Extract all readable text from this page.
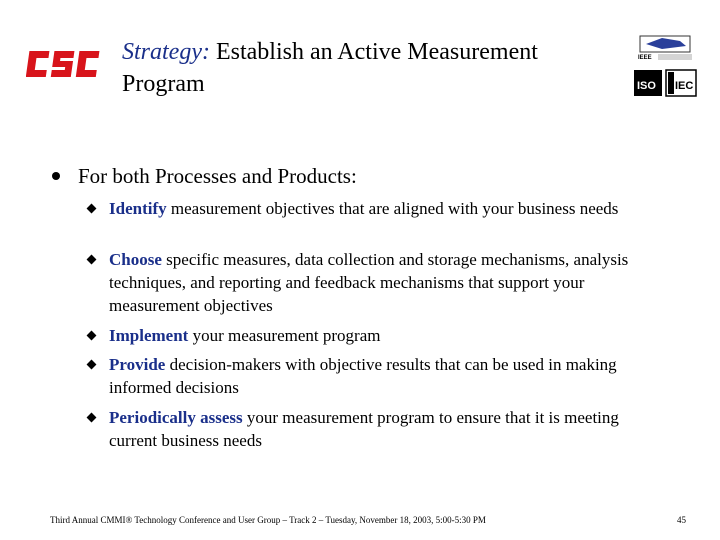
Strategy: Establish an Active Measurement Program
IEEE
ISO IEC
For both Processes and Products:
Identify measurement objectives that are aligned with your business needs
Choose specific measures, data collection and storage mechanisms, analysis techniques, and reporting and feedback mechanisms that support your measurement objectives
Implement your measurement program
Provide decision-makers with objective results that can be used in making informed decisions
Periodically assess your measurement program to ensure that it is meeting current business needs
Third Annual CMMI® Technology Conference and User Group – Track 2 – Tuesday, November 18, 2003, 5:00-5:30 PM	45
